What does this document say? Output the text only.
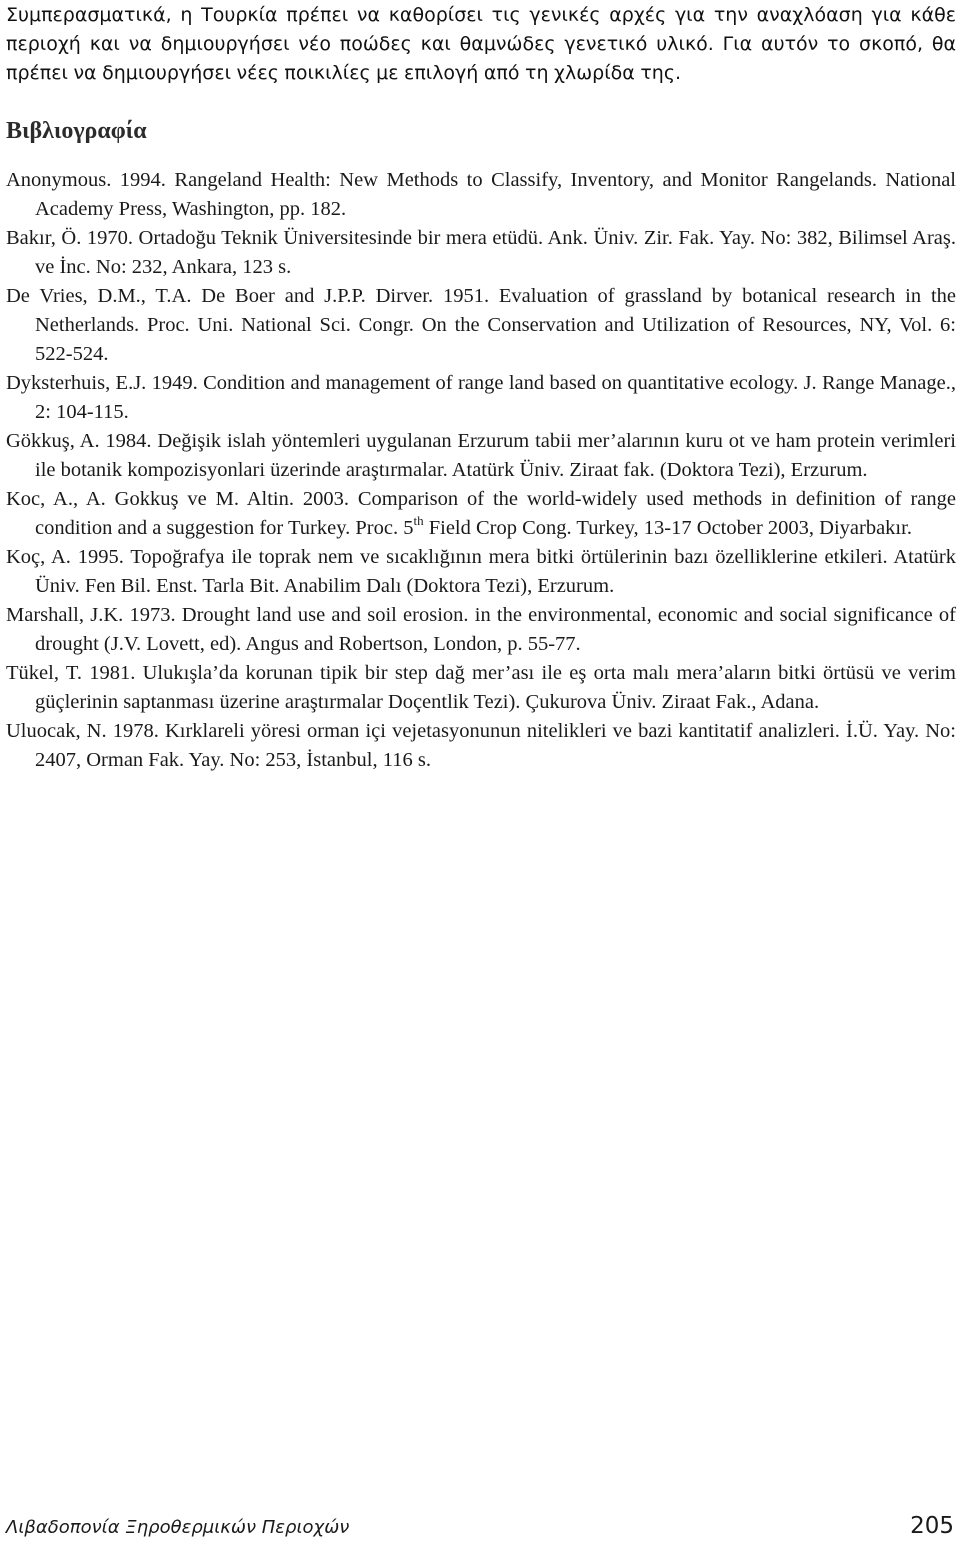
Συμπερασματικά, η Τουρκία πρέπει να καθορίσει τις γενικές αρχές για την αναχλόαση για κάθε περιοχή και να δημιουργήσει νέο ποώδες και θαμνώδες γενετικό υλικό. Για αυτόν το σκοπό, θα πρέπει να δημιουργήσει νέες ποικιλίες με επιλογή από τη χλωρίδα της.

Βιβλιογραφία

Anonymous. 1994. Rangeland Health: New Methods to Classify, Inventory, and Monitor Rangelands. National Academy Press, Washington, pp. 182.

Bakır, Ö. 1970. Ortadoğu Teknik Üniversitesinde bir mera etüdü. Ank. Üniv. Zir. Fak. Yay. No: 382, Bilimsel Araş. ve İnc. No: 232, Ankara, 123 s.

De Vries, D.M., T.A. De Boer and J.P.P. Dirver. 1951. Evaluation of grassland by botanical research in the Netherlands. Proc. Uni. National Sci. Congr. On the Conservation and Utilization of Resources, NY, Vol. 6: 522-524.

Dyksterhuis, E.J. 1949. Condition and management of range land based on quantitative ecology. J. Range Manage., 2: 104-115.

Gökkuş, A. 1984. Değişik islah yöntemleri uygulanan Erzurum tabii mer’alarının kuru ot ve ham protein verimleri ile botanik kompozisyonlari üzerinde araştırmalar. Atatürk Üniv. Ziraat fak. (Doktora Tezi), Erzurum.

Koc, A., A. Gokkuş ve M. Altin. 2003. Comparison of the world-widely used methods in definition of range condition and a suggestion for Turkey. Proc. 5th Field Crop Cong. Turkey, 13-17 October 2003, Diyarbakır.

Koç, A. 1995. Topoğrafya ile toprak nem ve sıcaklığının mera bitki örtülerinin bazı özelliklerine etkileri. Atatürk Üniv. Fen Bil. Enst. Tarla Bit. Anabilim Dalı (Doktora Tezi), Erzurum.

Marshall, J.K. 1973. Drought land use and soil erosion. in the environmental, economic and social significance of drought (J.V. Lovett, ed). Angus and Robertson, London, p. 55-77.

Tükel, T. 1981. Ulukışla’da korunan tipik bir step dağ mer’ası ile eş orta malı mera’aların bitki örtüsü ve verim güçlerinin saptanması üzerine araştırmalar Doçentlik Tezi). Çukurova Üniv. Ziraat Fak., Adana.

Uluocak, N. 1978. Kırklareli yöresi orman içi vejetasyonunun nitelikleri ve bazi kantitatif analizleri. İ.Ü. Yay. No: 2407, Orman Fak. Yay. No: 253, İstanbul, 116 s.

Λιβαδοπονία Ξηροθερμικών Περιοχών	205
